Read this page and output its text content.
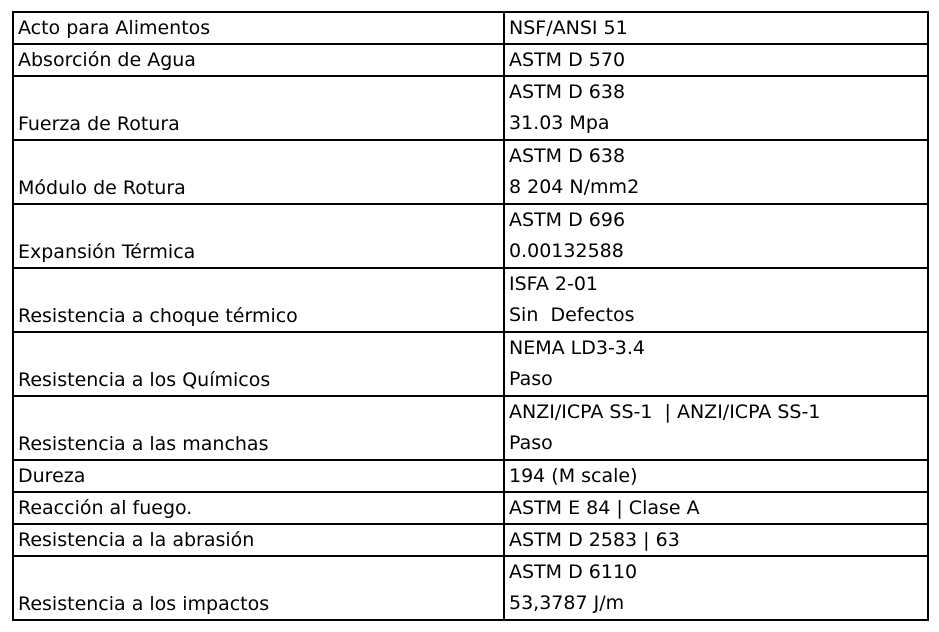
Acto para Alimentos	NSF/ANSI 51
Absorción de Agua	ASTM D 570
Fuerza de Rotura	ASTM D 638
31.03 Mpa

Módulo de Rotura	ASTM D 638
8 204 N/mm2

Expansión Térmica	ASTM D 696
0.00132588

Resistencia a choque térmico	ISFA 2-01
Sin  Defectos

Resistencia a los Químicos	NEMA LD3-3.4
Paso

Resistencia a las manchas	ANZI/ICPA SS-1  | ANZI/ICPA SS-1
Paso

Dureza	194 (M scale)
Reacción al fuego.	ASTM E 84 | Clase A
Resistencia a la abrasión	ASTM D 2583 | 63
Resistencia a los impactos	ASTM D 6110
53,3787 J/m
